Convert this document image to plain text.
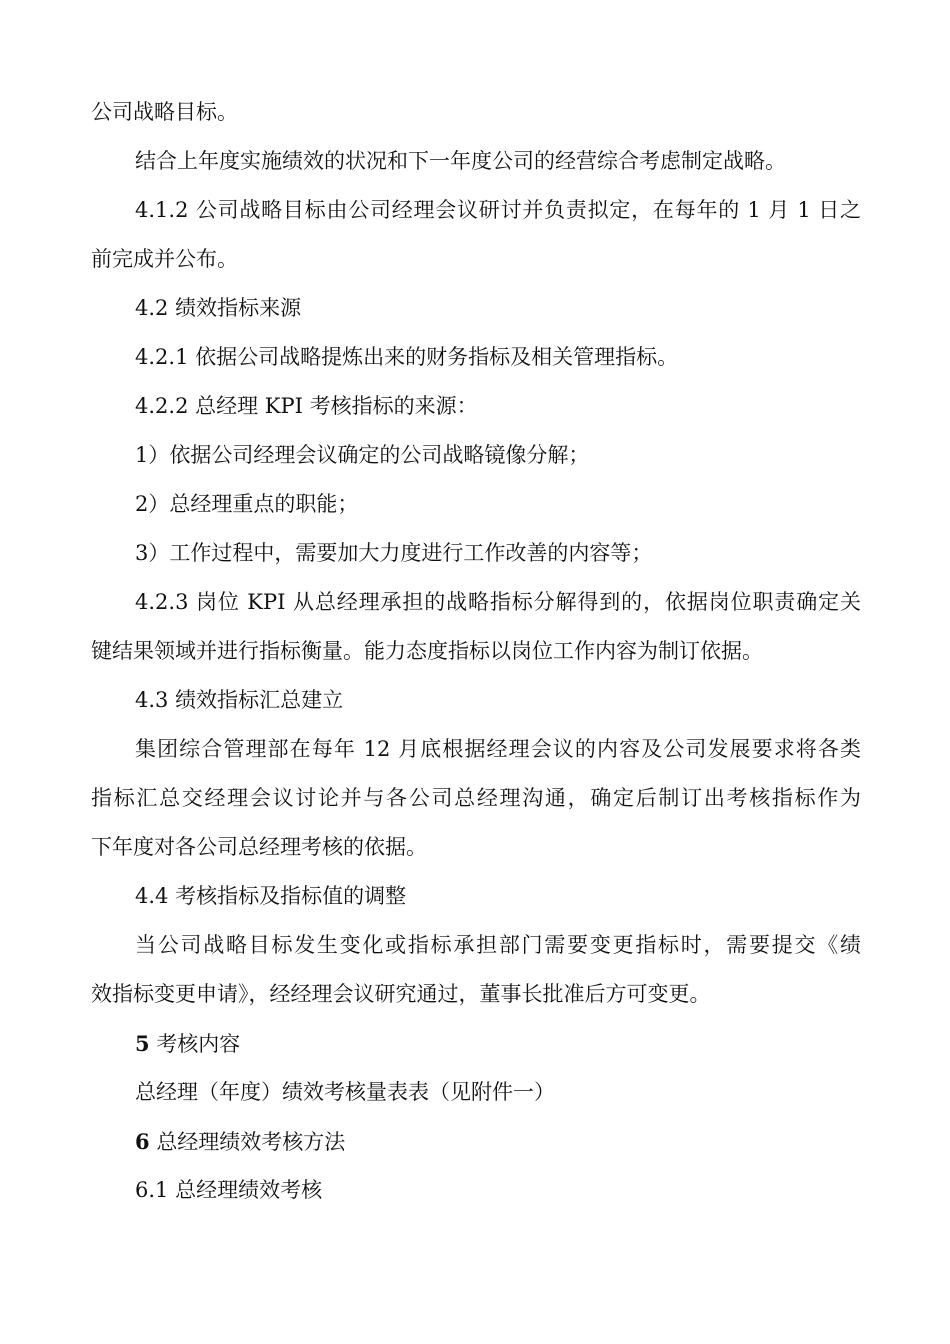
公司战略目标。
结合上年度实施绩效的状况和下一年度公司的经营综合考虑制定战略。
4.1.2 公司战略目标由公司经理会议研讨并负责拟定，在每年的 1 月 1 日之
前完成并公布。
4.2 绩效指标来源
4.2.1 依据公司战略提炼出来的财务指标及相关管理指标。
4.2.2 总经理 KPI 考核指标的来源：
1）依据公司经理会议确定的公司战略镜像分解；
2）总经理重点的职能；
3）工作过程中，需要加大力度进行工作改善的内容等；
4.2.3 岗位 KPI 从总经理承担的战略指标分解得到的，依据岗位职责确定关
键结果领域并进行指标衡量。能力态度指标以岗位工作内容为制订依据。
4.3 绩效指标汇总建立
集团综合管理部在每年 12 月底根据经理会议的内容及公司发展要求将各类
指标汇总交经理会议讨论并与各公司总经理沟通，确定后制订出考核指标作为
下年度对各公司总经理考核的依据。
4.4 考核指标及指标值的调整
当公司战略目标发生变化或指标承担部门需要变更指标时，需要提交《绩
效指标变更申请》，经经理会议研究通过，董事长批准后方可变更。
5 考核内容
总经理（年度）绩效考核量表表（见附件一）
6 总经理绩效考核方法
6.1 总经理绩效考核
